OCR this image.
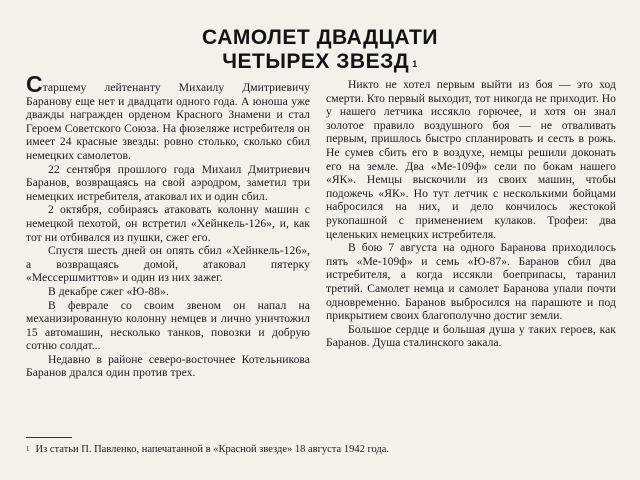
САМОЛЕТ ДВАДЦАТИ
ЧЕТЫРЕХ ЗВЕЗД $^1$

Старшему лейтенанту Михаилу Дмитриевичу Баранову еще нет и двадцати одного года. А юноша уже дважды награжден орденом Красного Знамени и стал Героем Советского Союза. На фюзеляже истребителя он имеет 24 красные звезды: ровно столько, сколько сбил немецких самолетов.

22 сентября прошлого года Михаил Дмитриевич Баранов, возвращаясь на свой аэродром, заметил три немецких истребителя, атаковал их и один сбил.

2 октября, собираясь атаковать колонну машин с немецкой пехотой, он встретил «Хейнкель-126», и, как тот ни отбивался из пушки, сжег его.

Спустя шесть дней он опять сбил «Хейнкель-126», а возвращаясь домой, атаковал пятерку «Мессершмиттов» и один из них зажег.

В декабре сжег «Ю-88».

В феврале со своим звеном он напал на механизированную колонну немцев и лично уничтожил 15 автомашин, несколько танков, повозки и добрую сотню солдат...

Недавно в районе северо-восточнее Котельникова Баранов дрался один против трех.

Никто не хотел первым выйти из боя — это ход смерти. Кто первый выходит, тот никогда не приходит. Но у нашего летчика иссякло горючее, и хотя он знал золотое правило воздушного боя — не отваливать первым, пришлось быстро спланировать и сесть в рожь. Не сумев сбить его в воздухе, немцы решили доконать его на земле. Два «Ме-109ф» сели по бокам нашего «ЯК». Немцы выскочили из своих машин, чтобы подожечь «ЯК». Но тут летчик с несколькими бойцами набросился на них, и дело кончилось жестокой рукопашной с применением кулаков. Трофеи: два целеньких немецких истребителя.

В бою 7 августа на одного Баранова приходилось пять «Ме-109ф» и семь «Ю-87». Баранов сбил два истребителя, а когда иссякли боеприпасы, таранил третий. Самолет немца и самолет Баранова упали почти одновременно. Баранов выбросился на парашюте и под прикрытием своих благополучно достиг земли.

Большое сердце и большая душа у таких героев, как Баранов. Душа сталинского закала.

$^1$ Из статьи П. Павленко, напечатанной в «Красной звезде» 18 августа 1942 года.
